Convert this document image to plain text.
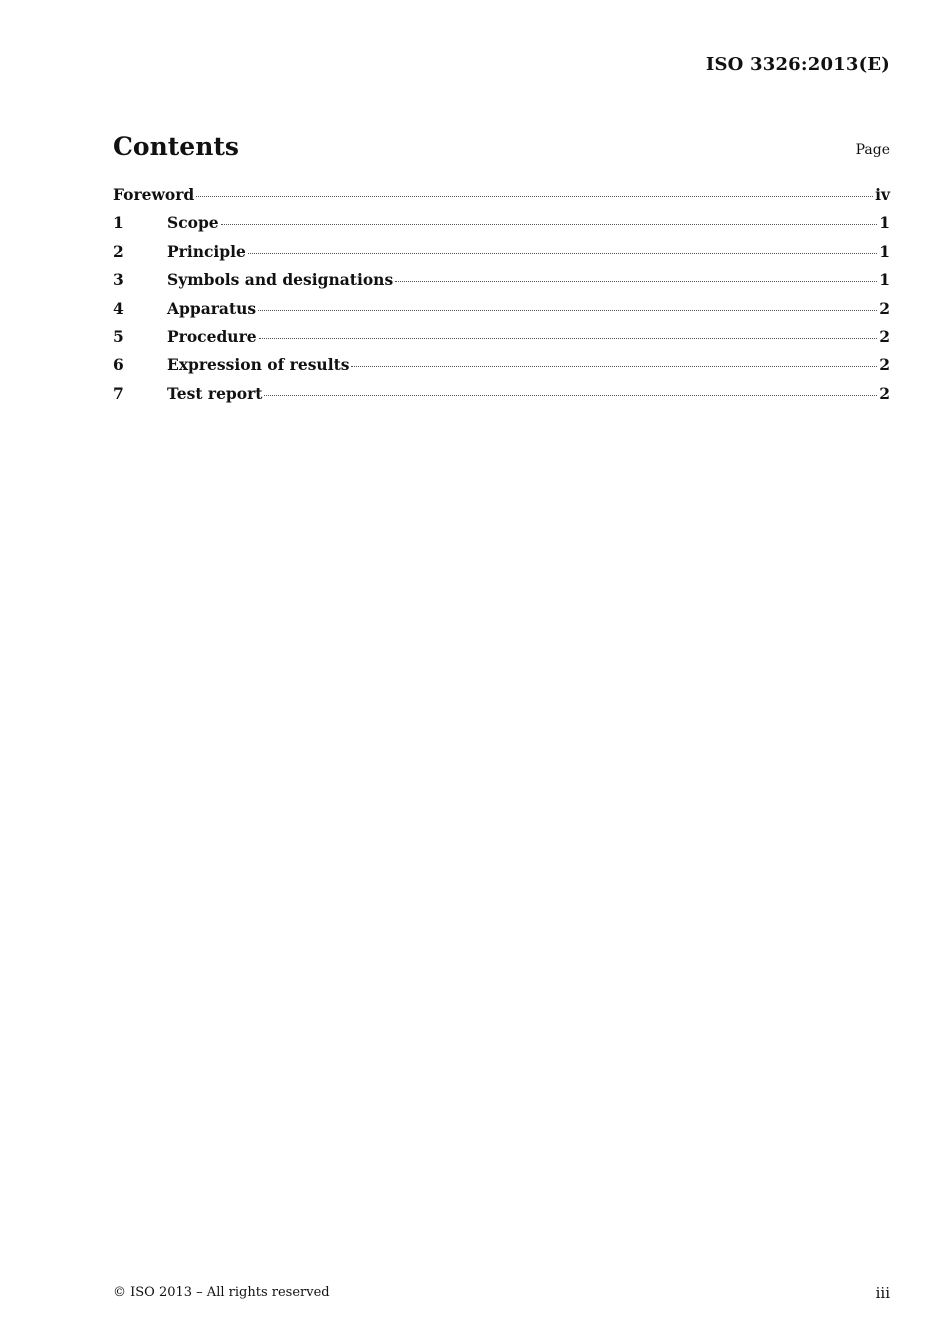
ISO 3326:2013(E)
Contents	Page
Foreword	iv
1	Scope	1
2	Principle	1
3	Symbols and designations	1
4	Apparatus	2
5	Procedure	2
6	Expression of results	2
7	Test report	2
© ISO 2013 – All rights reserved	iii
